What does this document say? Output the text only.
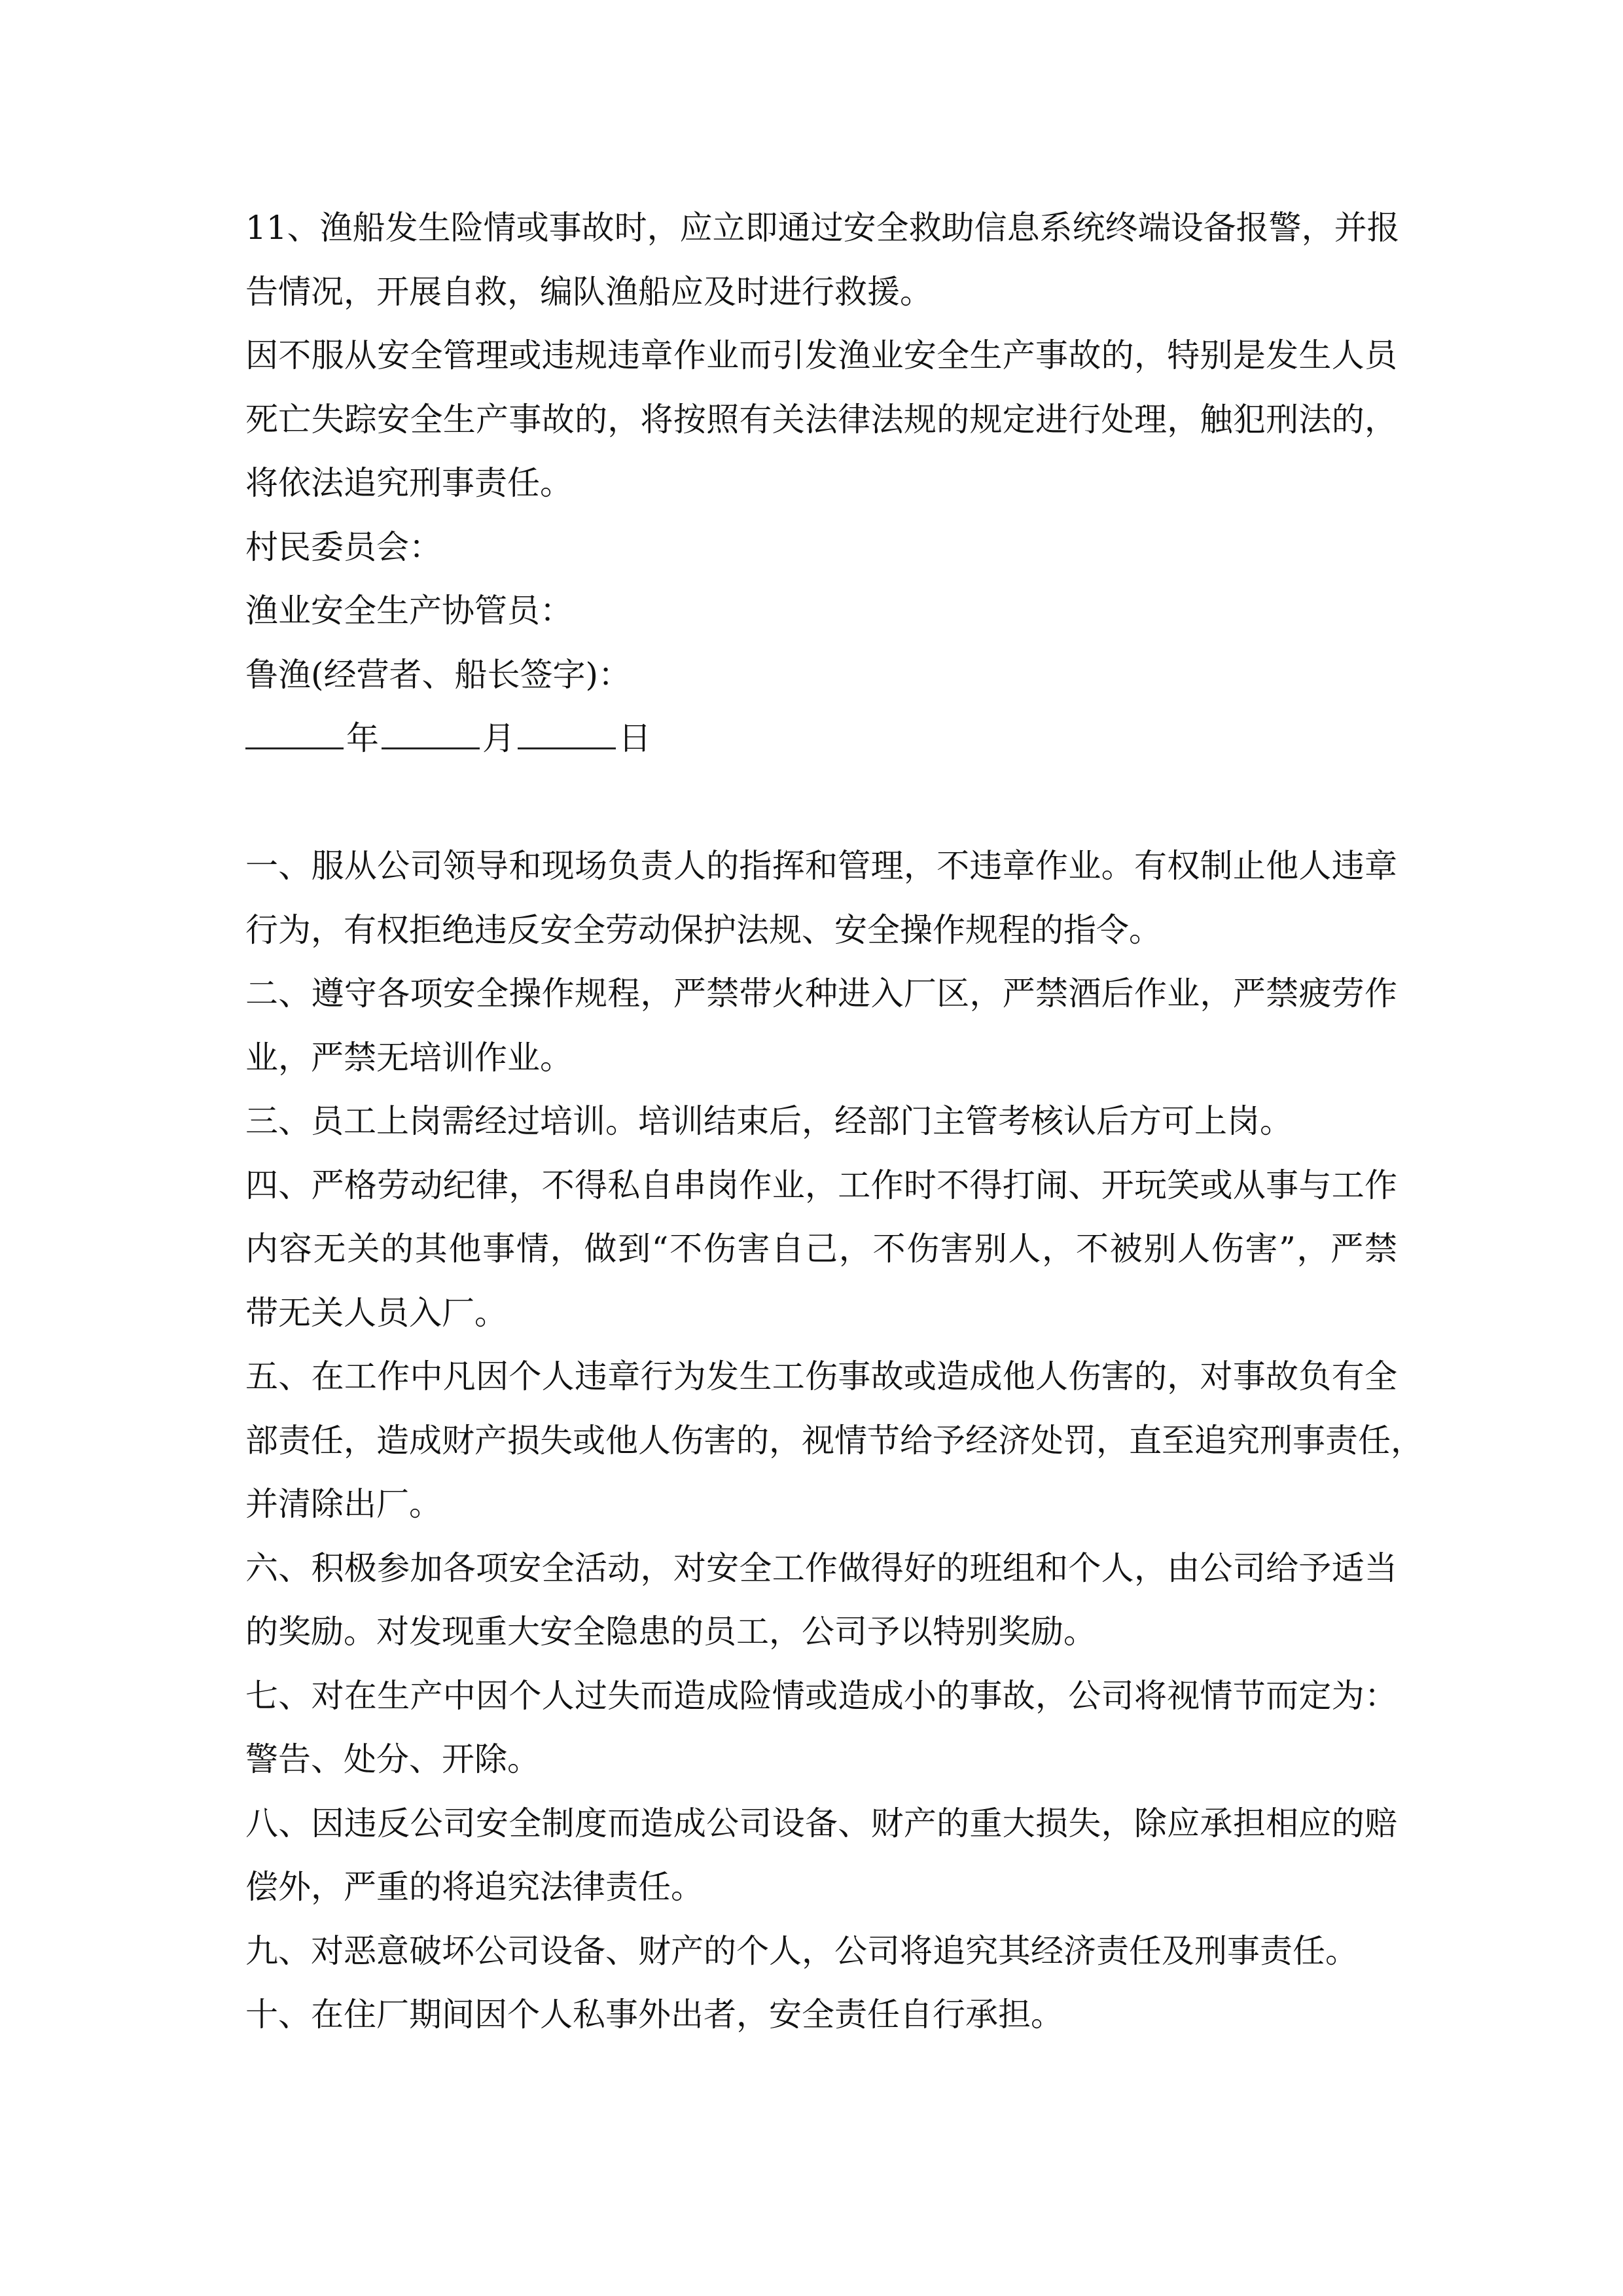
11、渔船发生险情或事故时，应立即通过安全救助信息系统终端设备报警，并报
告情况，开展自救，编队渔船应及时进行救援。
因不服从安全管理或违规违章作业而引发渔业安全生产事故的，特别是发生人员
死亡失踪安全生产事故的，将按照有关法律法规的规定进行处理，触犯刑法的，
将依法追究刑事责任。
村民委员会：
渔业安全生产协管员：
鲁渔(经营者、船长签字)：
年	月	日
一、服从公司领导和现场负责人的指挥和管理，不违章作业。有权制止他人违章
行为，有权拒绝违反安全劳动保护法规、安全操作规程的指令。
二、遵守各项安全操作规程，严禁带火种进入厂区，严禁酒后作业，严禁疲劳作
业，严禁无培训作业。
三、员工上岗需经过培训。培训结束后，经部门主管考核认后方可上岗。
四、严格劳动纪律，不得私自串岗作业，工作时不得打闹、开玩笑或从事与工作
内容无关的其他事情，做到“不伤害自己，不伤害别人，不被别人伤害”，严禁
带无关人员入厂。
五、在工作中凡因个人违章行为发生工伤事故或造成他人伤害的，对事故负有全
部责任，造成财产损失或他人伤害的，视情节给予经济处罚，直至追究刑事责任，
并清除出厂。
六、积极参加各项安全活动，对安全工作做得好的班组和个人，由公司给予适当
的奖励。对发现重大安全隐患的员工，公司予以特别奖励。
七、对在生产中因个人过失而造成险情或造成小的事故，公司将视情节而定为：
警告、处分、开除。
八、因违反公司安全制度而造成公司设备、财产的重大损失，除应承担相应的赔
偿外，严重的将追究法律责任。
九、对恶意破坏公司设备、财产的个人，公司将追究其经济责任及刑事责任。
十、在住厂期间因个人私事外出者，安全责任自行承担。
